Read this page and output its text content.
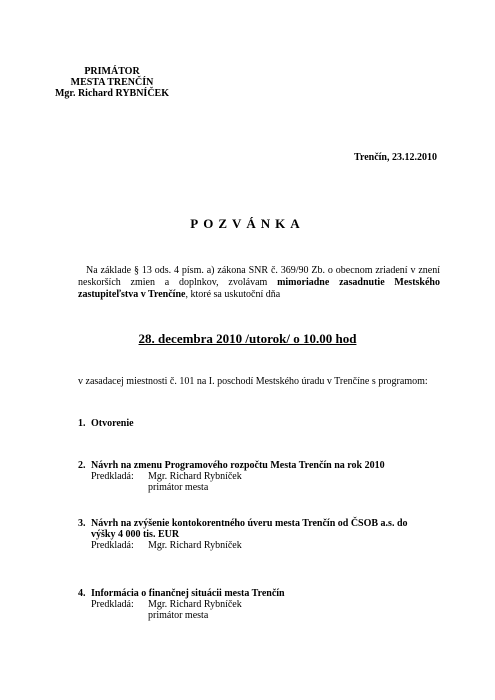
PRIMÁTOR
MESTA TRENČÍN
Mgr. Richard RYBNÍČEK
Trenčín, 23.12.2010
POZVÁNKA
Na základe § 13 ods. 4 písm. a) zákona SNR č. 369/90 Zb. o obecnom zriadení v znení neskorších zmien a doplnkov, zvolávam mimoriadne zasadnutie Mestského zastupiteľstva v Trenčíne, ktoré sa uskutoční dňa
28. decembra 2010 /utorok/ o 10.00 hod
v zasadacej miestnosti č. 101 na I. poschodí Mestského úradu v Trenčíne s programom:
1. Otvorenie
2. Návrh na zmenu Programového rozpočtu Mesta Trenčín na rok 2010
Predkladá:	Mgr. Richard Rybníček
primátor mesta
3. Návrh na zvýšenie kontokorentného úveru mesta Trenčín od ČSOB a.s. do
výšky 4 000 tis. EUR
Predkladá:	Mgr. Richard Rybníček
4. Informácia o finančnej situácii mesta Trenčín
Predkladá:	Mgr. Richard Rybníček
primátor mesta
